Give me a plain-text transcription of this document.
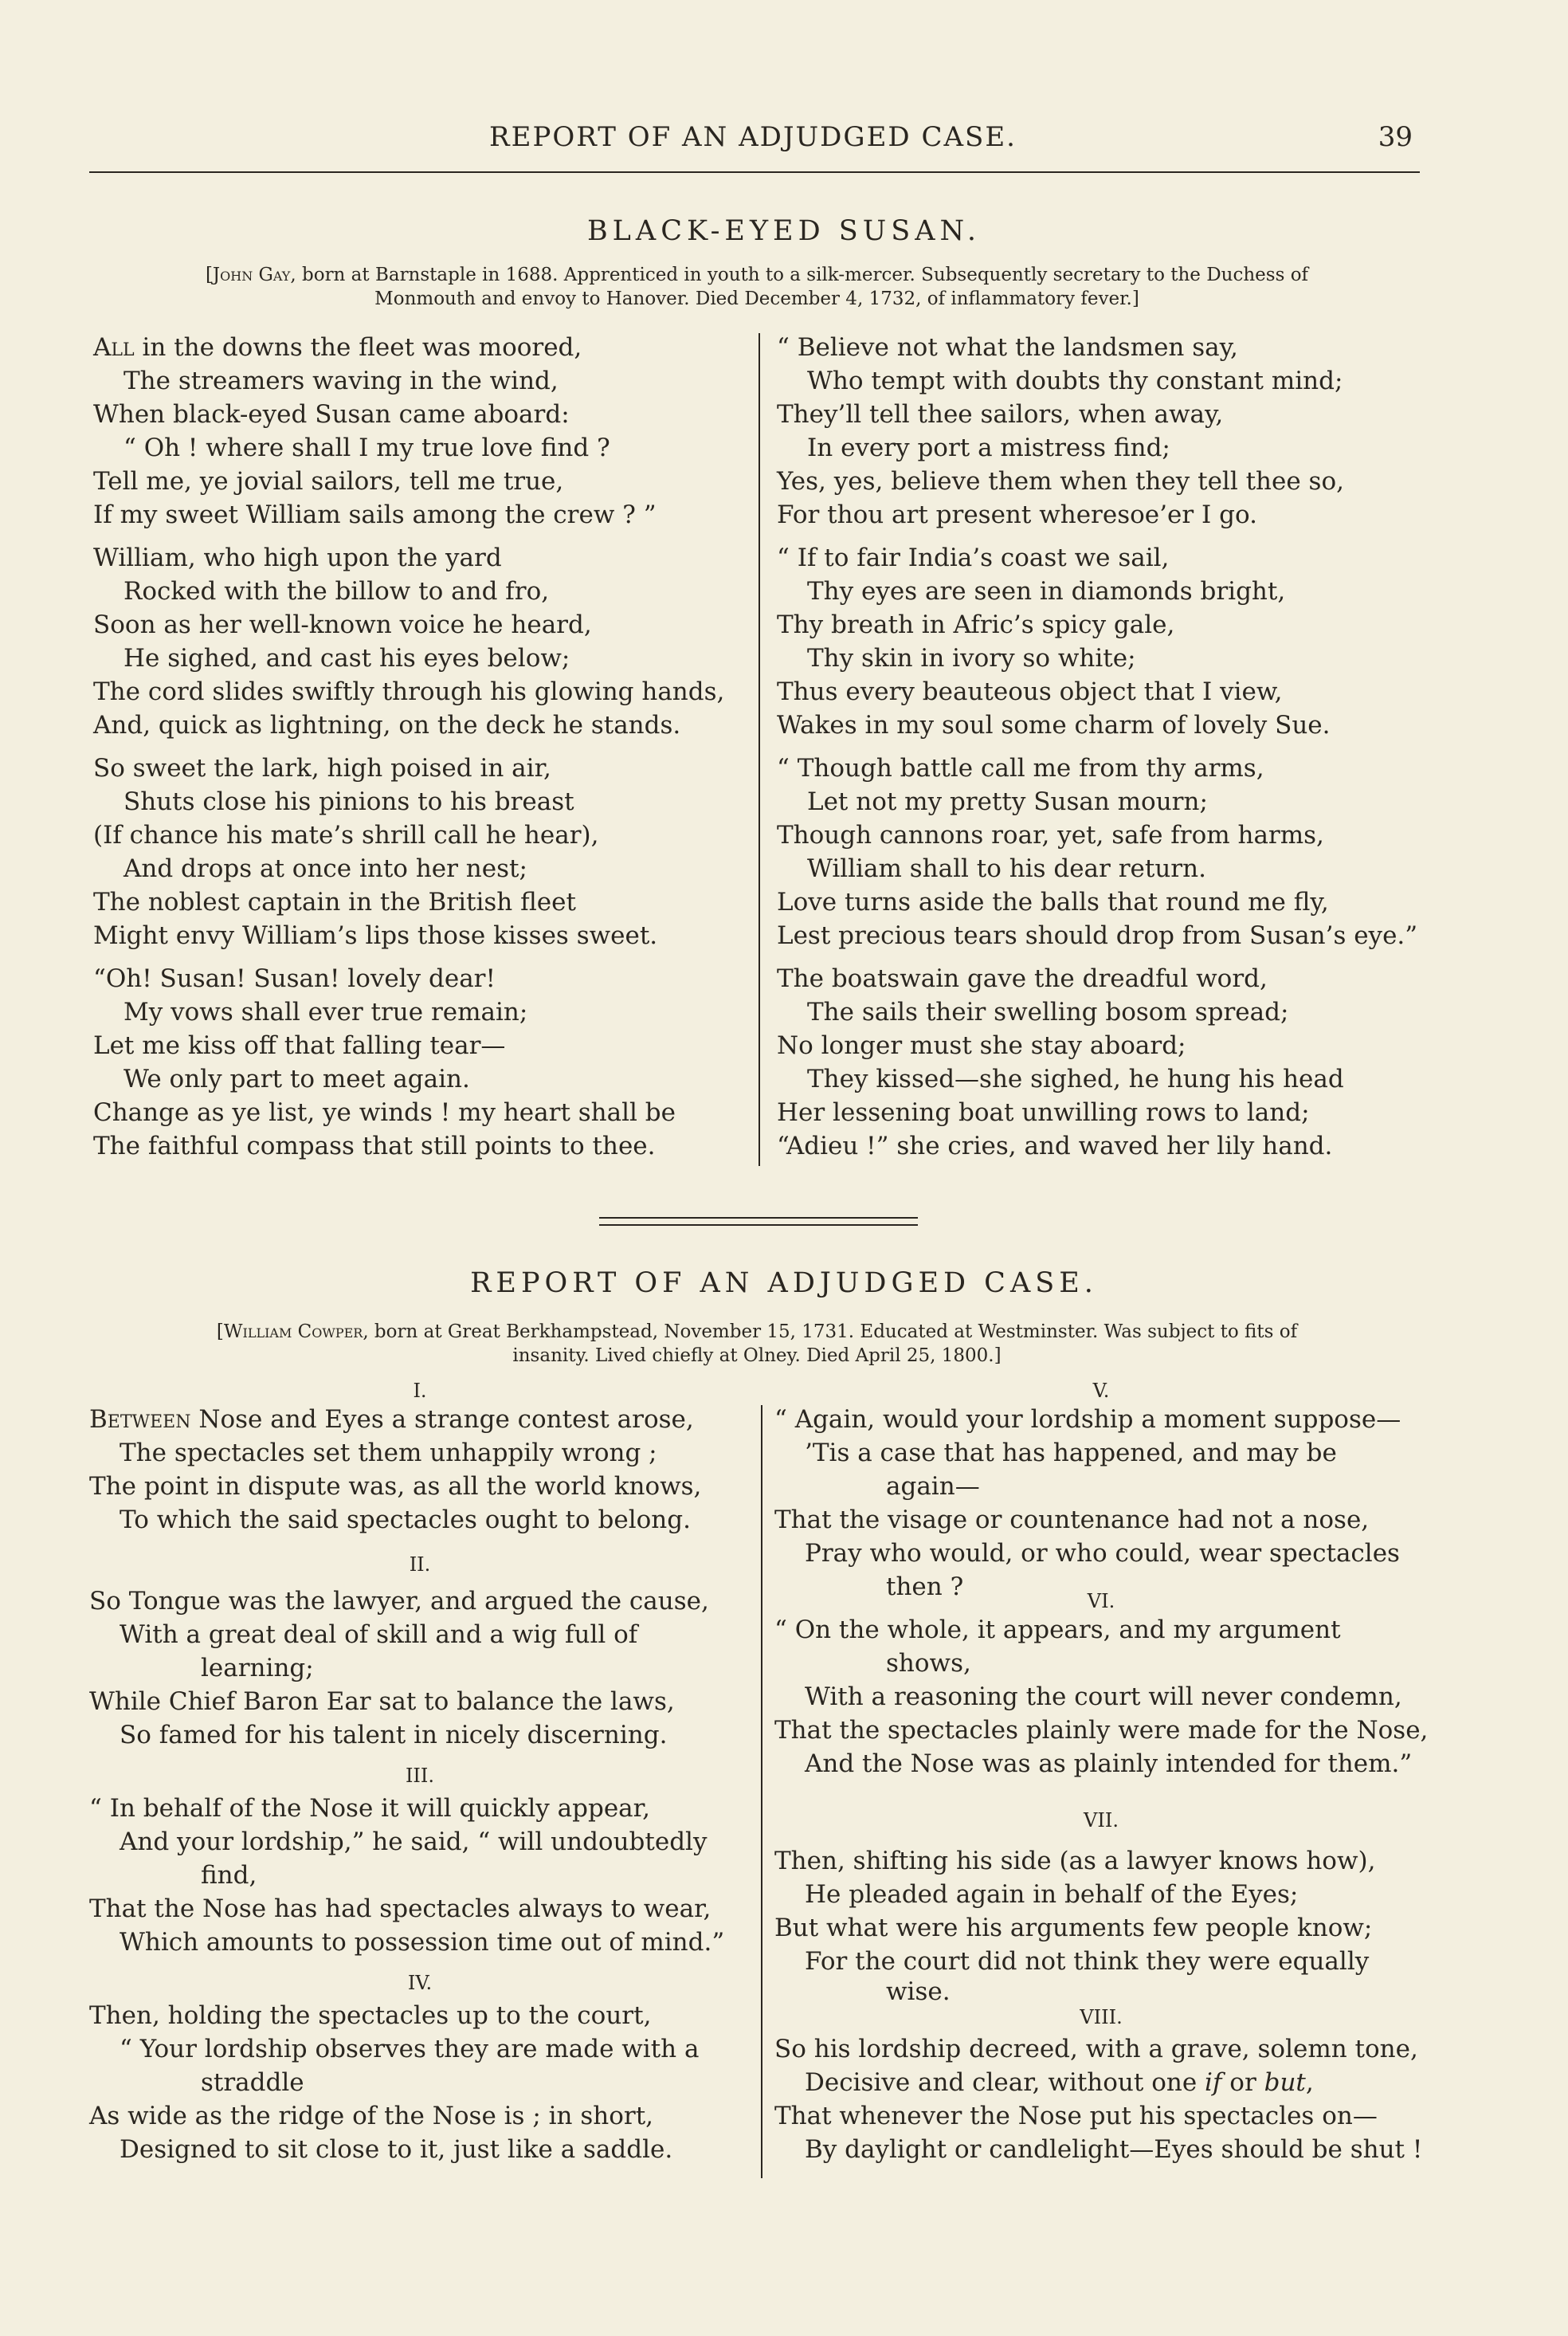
REPORT OF AN ADJUDGED CASE.	39
BLACK-EYED SUSAN.
[John Gay, born at Barnstaple in 1688. Apprenticed in youth to a silk-mercer. Subsequently secretary to the Duchess of
Monmouth and envoy to Hanover. Died December 4, 1732, of inflammatory fever.]
All in the downs the fleet was moored,
The streamers waving in the wind,
When black-eyed Susan came aboard:
“ Oh ! where shall I my true love find ?
Tell me, ye jovial sailors, tell me true,
If my sweet William sails among the crew ? ”
William, who high upon the yard
Rocked with the billow to and fro,
Soon as her well-known voice he heard,
He sighed, and cast his eyes below;
The cord slides swiftly through his glowing hands,
And, quick as lightning, on the deck he stands.
So sweet the lark, high poised in air,
Shuts close his pinions to his breast
(If chance his mate’s shrill call he hear),
And drops at once into her nest;
The noblest captain in the British fleet
Might envy William’s lips those kisses sweet.
“Oh! Susan! Susan! lovely dear!
My vows shall ever true remain;
Let me kiss off that falling tear—
We only part to meet again.
Change as ye list, ye winds ! my heart shall be
The faithful compass that still points to thee.
“ Believe not what the landsmen say,
Who tempt with doubts thy constant mind;
They’ll tell thee sailors, when away,
In every port a mistress find;
Yes, yes, believe them when they tell thee so,
For thou art present wheresoe’er I go.
“ If to fair India’s coast we sail,
Thy eyes are seen in diamonds bright,
Thy breath in Afric’s spicy gale,
Thy skin in ivory so white;
Thus every beauteous object that I view,
Wakes in my soul some charm of lovely Sue.
“ Though battle call me from thy arms,
Let not my pretty Susan mourn;
Though cannons roar, yet, safe from harms,
William shall to his dear return.
Love turns aside the balls that round me fly,
Lest precious tears should drop from Susan’s eye.”
The boatswain gave the dreadful word,
The sails their swelling bosom spread;
No longer must she stay aboard;
They kissed—she sighed, he hung his head
Her lessening boat unwilling rows to land;
“Adieu !” she cries, and waved her lily hand.
REPORT OF AN ADJUDGED CASE.
[William Cowper, born at Great Berkhampstead, November 15, 1731. Educated at Westminster. Was subject to fits of
insanity. Lived chiefly at Olney. Died April 25, 1800.]
I.
Between Nose and Eyes a strange contest arose,
The spectacles set them unhappily wrong ;
The point in dispute was, as all the world knows,
To which the said spectacles ought to belong.
II.
So Tongue was the lawyer, and argued the cause,
With a great deal of skill and a wig full of
learning;
While Chief Baron Ear sat to balance the laws,
So famed for his talent in nicely discerning.
III.
“ In behalf of the Nose it will quickly appear,
And your lordship,” he said, “ will undoubtedly
find,
That the Nose has had spectacles always to wear,
Which amounts to possession time out of mind.”
IV.
Then, holding the spectacles up to the court,
“ Your lordship observes they are made with a
straddle
As wide as the ridge of the Nose is ; in short,
Designed to sit close to it, just like a saddle.
V.
“ Again, would your lordship a moment suppose—
’Tis a case that has happened, and may be
again—
That the visage or countenance had not a nose,
Pray who would, or who could, wear spectacles
then ?	VI.
“ On the whole, it appears, and my argument
shows,
With a reasoning the court will never condemn,
That the spectacles plainly were made for the Nose,
And the Nose was as plainly intended for them.”
VII.
Then, shifting his side (as a lawyer knows how),
He pleaded again in behalf of the Eyes;
But what were his arguments few people know;
For the court did not think they were equally
wise.
VIII.
So his lordship decreed, with a grave, solemn tone,
Decisive and clear, without one if or but,
That whenever the Nose put his spectacles on—
By daylight or candlelight—Eyes should be shut !
